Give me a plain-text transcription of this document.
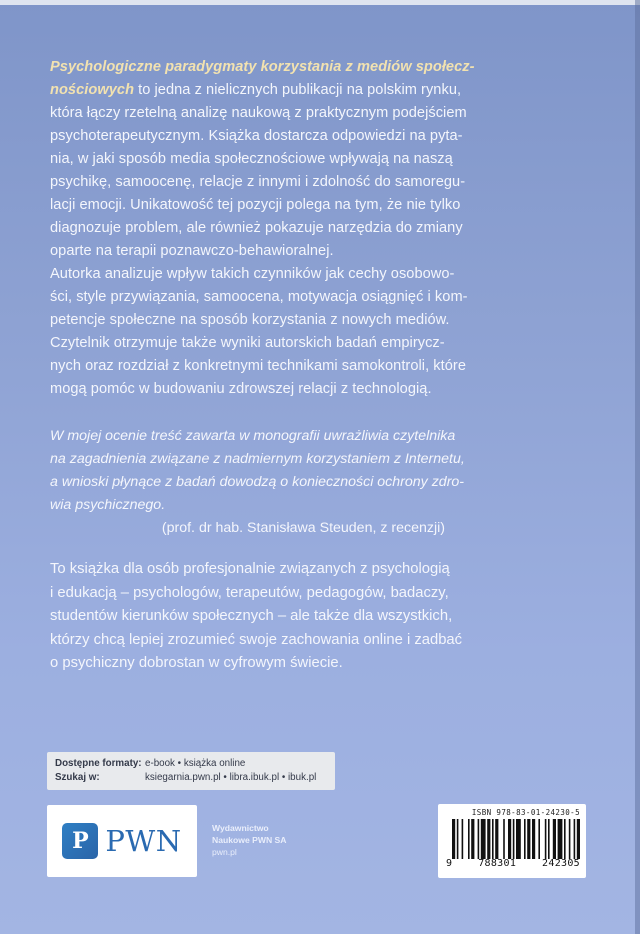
Psychologiczne paradygmaty korzystania z mediów społecz-

nościowych to jedna z nielicznych publikacji na polskim rynku,

która łączy rzetelną analizę naukową z praktycznym podejściem

psychoterapeutycznym. Książka dostarcza odpowiedzi na pyta-

nia, w jaki sposób media społecznościowe wpływają na naszą

psychikę, samoocenę, relacje z innymi i zdolność do samoregu-

lacji emocji. Unikatowość tej pozycji polega na tym, że nie tylko

diagnozuje problem, ale również pokazuje narzędzia do zmiany

oparte na terapii poznawczo-behawioralnej.

Autorka analizuje wpływ takich czynników jak cechy osobowo-

ści, style przywiązania, samoocena, motywacja osiągnięć i kom-

petencje społeczne na sposób korzystania z nowych mediów.

Czytelnik otrzymuje także wyniki autorskich badań empirycz-

nych oraz rozdział z konkretnymi technikami samokontroli, które

mogą pomóc w budowaniu zdrowszej relacji z technologią.

W mojej ocenie treść zawarta w monografii uwrażliwia czytelnika

na zagadnienia związane z nadmiernym korzystaniem z Internetu,

a wnioski płynące z badań dowodzą o konieczności ochrony zdro-

wia psychicznego.

(prof. dr hab. Stanisława Steuden, z recenzji)

To książka dla osób profesjonalnie związanych z psychologią

i edukacją – psychologów, terapeutów, pedagogów, badaczy,

studentów kierunków społecznych – ale także dla wszystkich,

którzy chcą lepiej zrozumieć swoje zachowania online i zadbać

o psychiczny dobrostan w cyfrowym świecie.

Dostępne formaty: e-book • książka online
Szukaj w:	ksiegarnia.pwn.pl • libra.ibuk.pl • ibuk.pl
P PWN	Wydawnictwo
Naukowe PWN SA
pwn.pl
ISBN 978-83-01-24230-5
9	788301	242305
